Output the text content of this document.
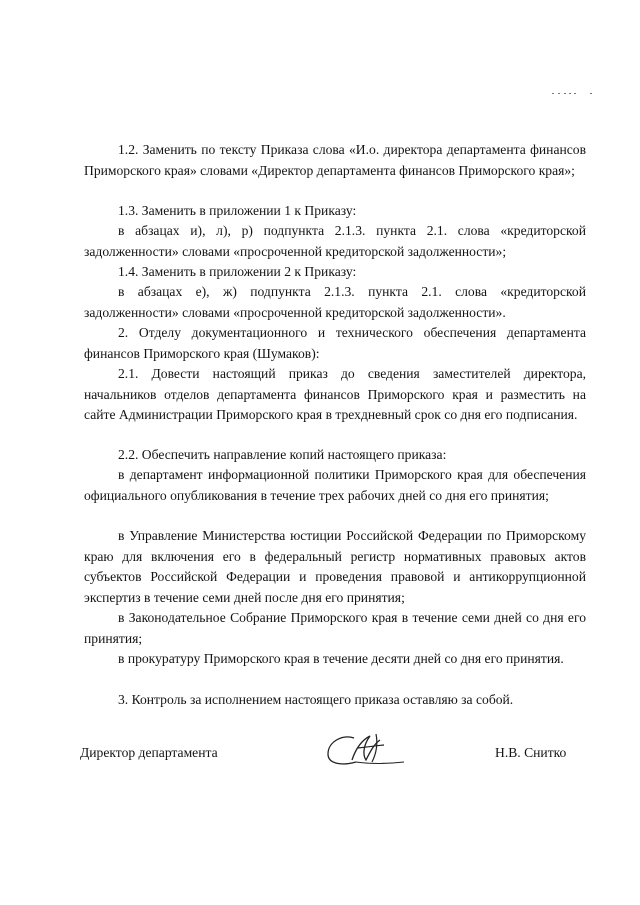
1.2. Заменить по тексту Приказа слова «И.о. директора департамента финансов Приморского края» словами «Директор департамента финансов Приморского края»;

1.3. Заменить в приложении 1 к Приказу:

в абзацах и), л), р) подпункта 2.1.3. пункта 2.1. слова «кредиторской задолженности» словами «просроченной кредиторской задолженности»;

1.4. Заменить в приложении 2 к Приказу:

в абзацах е), ж) подпункта 2.1.3. пункта 2.1. слова «кредиторской задолженности» словами «просроченной кредиторской задолженности».

2. Отделу документационного и технического обеспечения департамента финансов Приморского края (Шумаков):

2.1. Довести настоящий приказ до сведения заместителей директора, начальников отделов департамента финансов Приморского края и разместить на сайте Администрации Приморского края в трехдневный срок со дня его подписания.

2.2. Обеспечить направление копий настоящего приказа:

в департамент информационной политики Приморского края для обеспечения официального опубликования в течение трех рабочих дней со дня его принятия;

в Управление Министерства юстиции Российской Федерации по Приморскому краю для включения его в федеральный регистр нормативных правовых актов субъектов Российской Федерации и проведения правовой и антикоррупционной экспертиз в течение семи дней после дня его принятия;

в Законодательное Собрание Приморского края в течение семи дней со дня его принятия;

в прокуратуру Приморского края в течение десяти дней со дня его принятия.

3. Контроль за исполнением настоящего приказа оставляю за собой.

Директор департамента	Н.В. Снитко
